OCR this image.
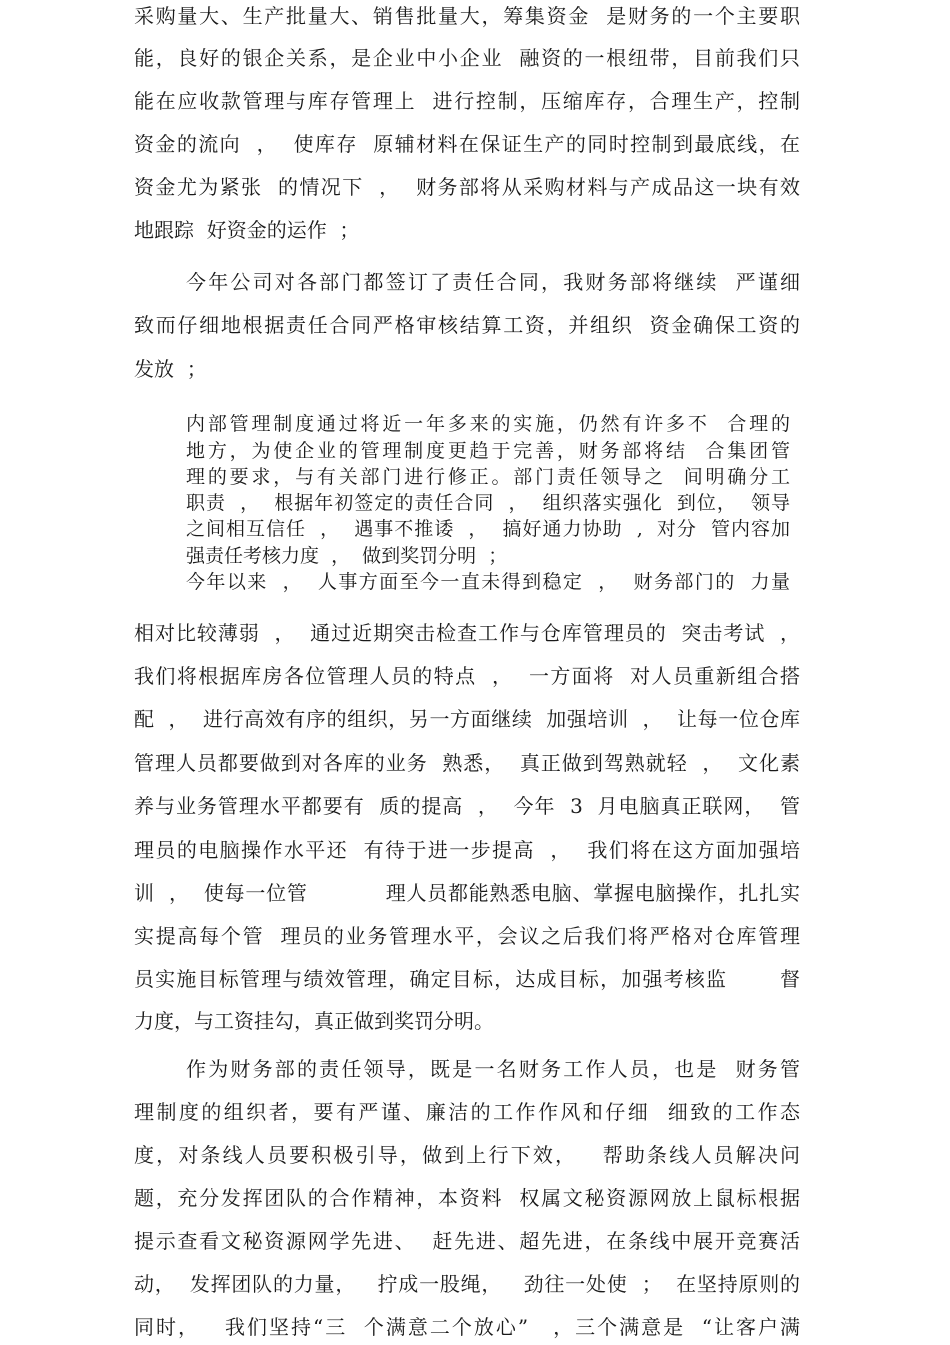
采购量大、生产批量大、销售批量大，筹集资金  是财务的一个主要职
能，良好的银企关系，是企业中小企业  融资的一根纽带，目前我们只
能在应收款管理与库存管理上  进行控制，压缩库存，合理生产，控制
资金的流向  ，  使库存  原辅材料在保证生产的同时控制到最底线，在
资金尤为紧张  的情况下  ，  财务部将从采购材料与产成品这一块有效
地跟踪  好资金的运作  ；
今年公司对各部门都签订了责任合同，我财务部将继续  严谨细
致而仔细地根据责任合同严格审核结算工资，并组织  资金确保工资的
发放  ；
内部管理制度通过将近一年多来的实施，仍然有许多不  合理的
地方，为使企业的管理制度更趋于完善，财务部将结  合集团管
理的要求，与有关部门进行修正。部门责任领导之  间明确分工
职责  ，  根据年初签定的责任合同  ，  组织落实强化  到位，  领导
之间相互信任  ，  遇事不推诿  ，  搞好通力协助  ,  对分  管内容加
强责任考核力度  ，  做到奖罚分明  ；
今年以来  ，  人事方面至今一直未得到稳定  ，  财务部门的  力量
相对比较薄弱  ，  通过近期突击检查工作与仓库管理员的  突击考试  ，
我们将根据库房各位管理人员的特点  ，  一方面将  对人员重新组合搭
配  ，  进行高效有序的组织，另一方面继续  加强培训  ，  让每一位仓库
管理人员都要做到对各库的业务  熟悉，  真正做到驾熟就轻  ，  文化素
养与业务管理水平都要有  质的提高  ，  今年  3  月电脑真正联网，  管
理员的电脑操作水平还  有待于进一步提高  ，  我们将在这方面加强培
训  ，  使每一位管           理人员都能熟悉电脑、掌握电脑操作，扎扎实
实提高每个管  理员的业务管理水平，会议之后我们将严格对仓库管理
员实施目标管理与绩效管理，确定目标，达成目标，加强考核监       督
力度，与工资挂勾，真正做到奖罚分明。
作为财务部的责任领导，既是一名财务工作人员，也是  财务管
理制度的组织者，要有严谨、廉洁的工作作风和仔细  细致的工作态
度，对条线人员要积极引导，做到上行下效，   帮助条线人员解决问
题，充分发挥团队的合作精神，本资料  权属文秘资源网放上鼠标根据
提示查看文秘资源网学先进、  赶先进、超先进，在条线中展开竞赛活
动，  发挥团队的力量，   拧成一股绳，   劲往一处使  ；  在坚持原则的
同时，   我们坚持“三  个满意二个放心”   ，三个满意是  “让客户满
